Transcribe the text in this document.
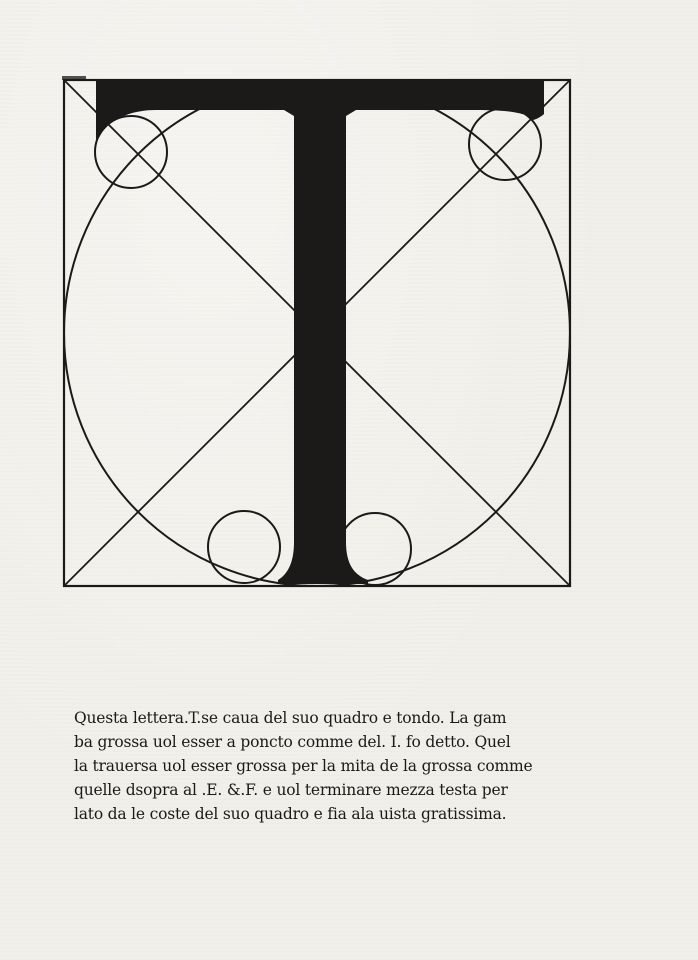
Questa lettera.T.se caua del suo quadro e tondo. La gam
ba grossa uol esser a poncto comme del. I. fo detto. Quel
la trauersa uol esser grossa per la mita de la grossa comme
quelle dsopra al .E. &.F. e uol terminare mezza testa per
lato da le coste del suo quadro e fia ala uista gratissima.
